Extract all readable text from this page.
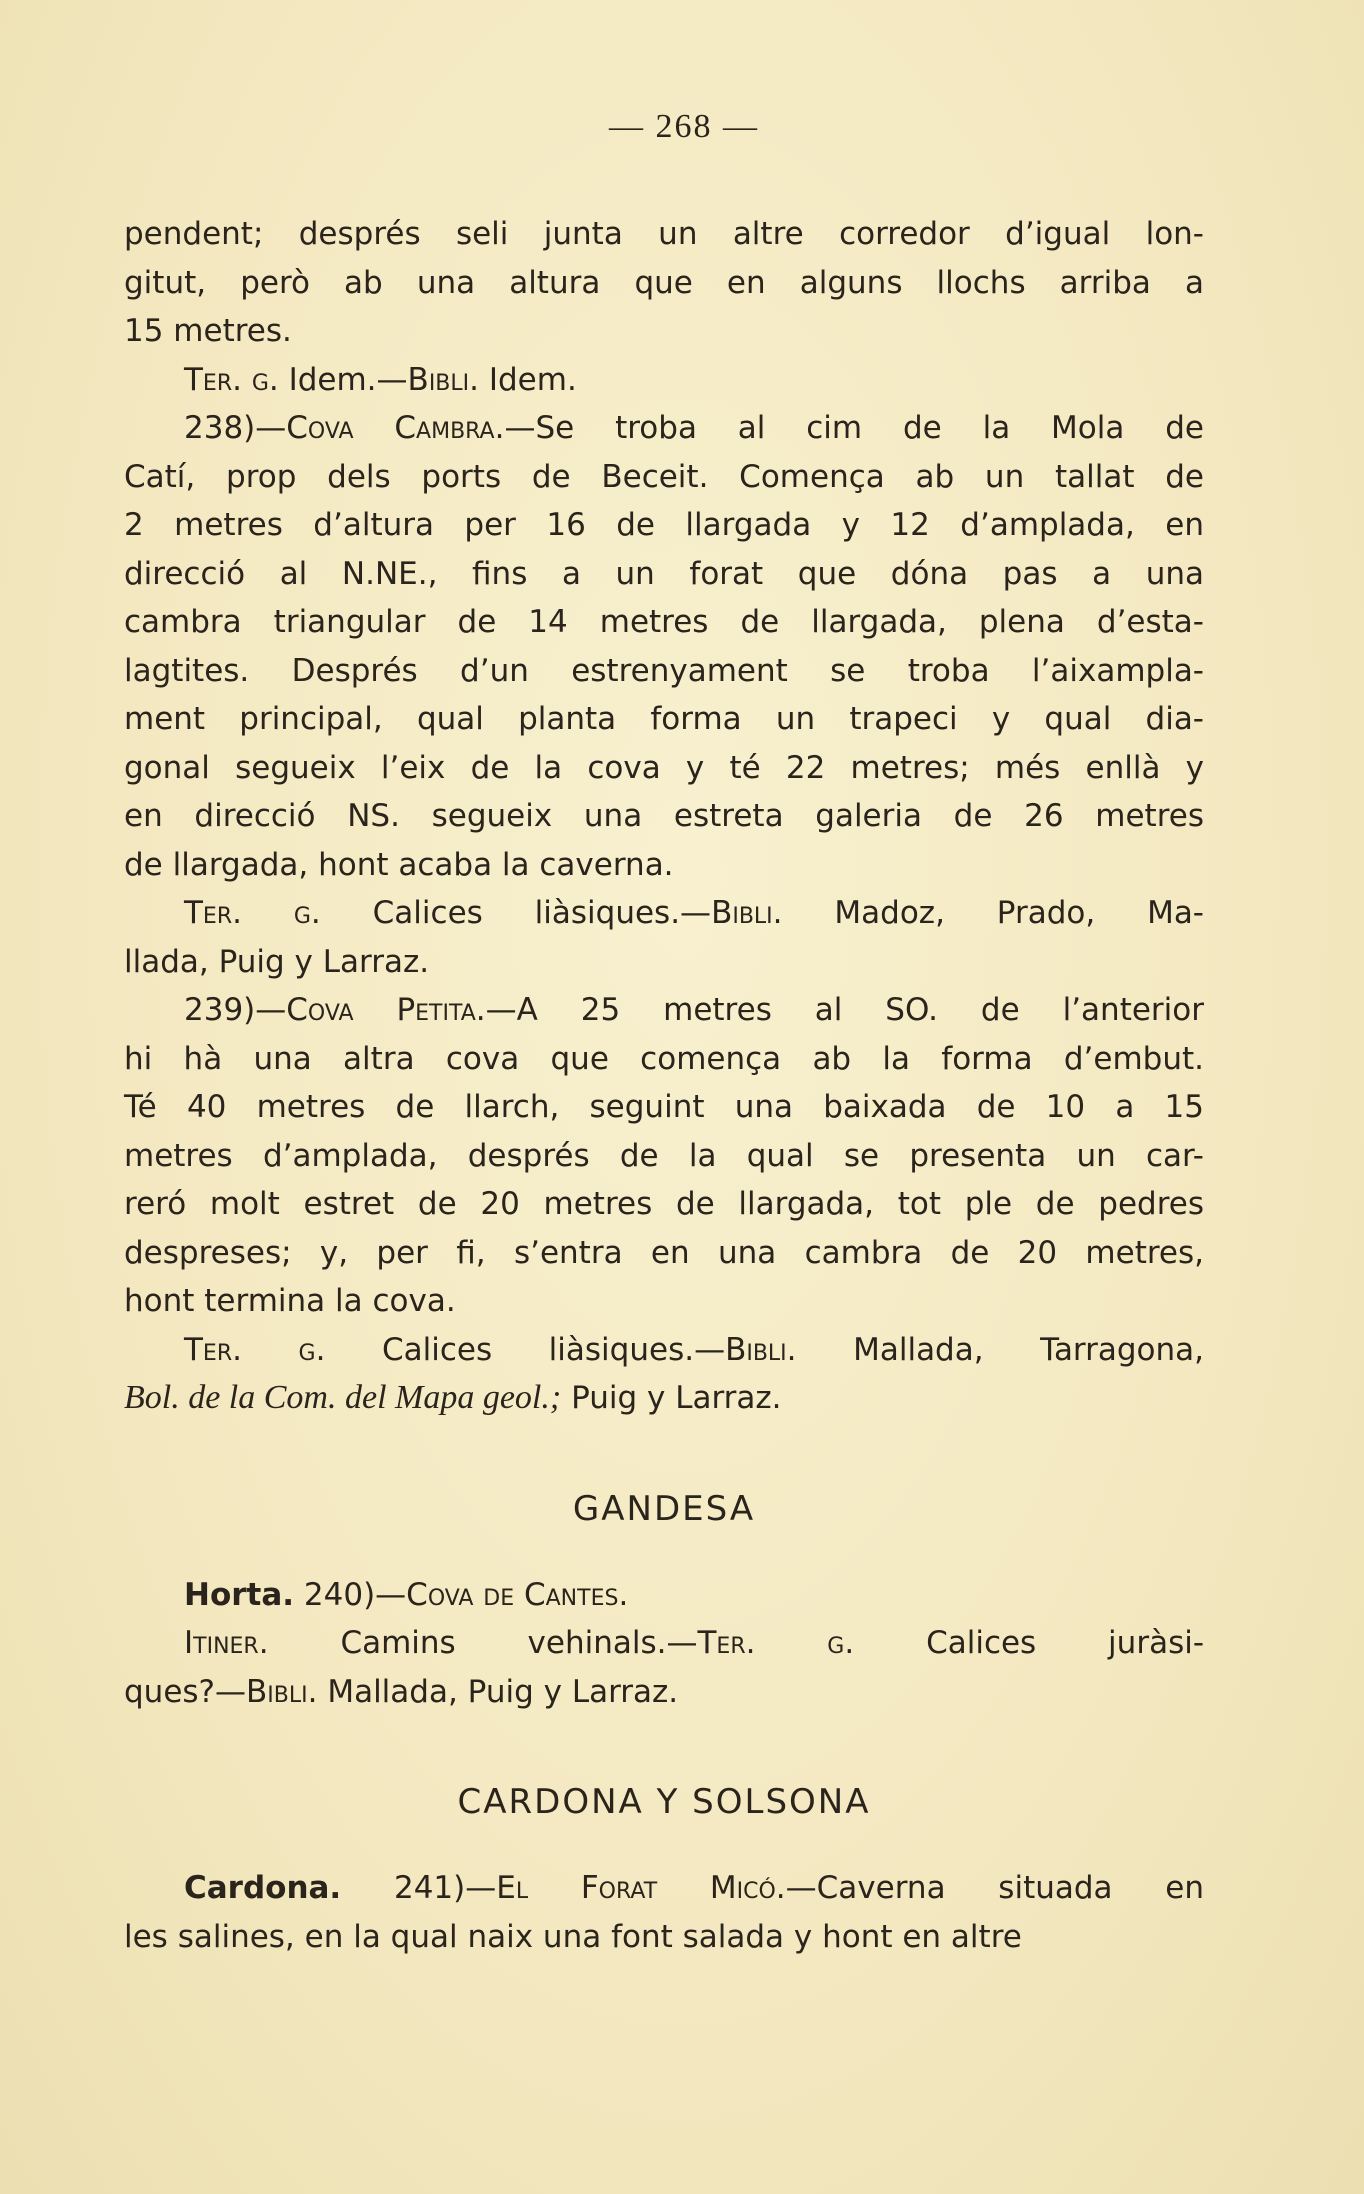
— 268 —

pendent; després seli junta un altre corredor d’igual lon-

gitut, però ab una altura que en alguns llochs arriba a

15 metres.

Ter. g. Idem.—Bibli. Idem.

238)—Cova Cambra.—Se troba al cim de la Mola de

Catí, prop dels ports de Beceit. Comença ab un tallat de

2 metres d’altura per 16 de llargada y 12 d’amplada, en

direcció al N.NE., fins a un forat que dóna pas a una

cambra triangular de 14 metres de llargada, plena d’esta-

lagtites. Després d’un estrenyament se troba l’aixampla-

ment principal, qual planta forma un trapeci y qual dia-

gonal segueix l’eix de la cova y té 22 metres; més enllà y

en direcció NS. segueix una estreta galeria de 26 metres

de llargada, hont acaba la caverna.

Ter. g. Calices liàsiques.—Bibli. Madoz, Prado, Ma-

llada, Puig y Larraz.

239)—Cova Petita.—A 25 metres al SO. de l’anterior

hi hà una altra cova que comença ab la forma d’embut.

Té 40 metres de llarch, seguint una baixada de 10 a 15

metres d’amplada, després de la qual se presenta un car-

reró molt estret de 20 metres de llargada, tot ple de pedres

despreses; y, per fi, s’entra en una cambra de 20 metres,

hont termina la cova.

Ter. g. Calices liàsiques.—Bibli. Mallada, Tarragona,

Bol. de la Com. del Mapa geol.; Puig y Larraz.

GANDESA

Horta. 240)—Cova de Cantes.

Itiner. Camins vehinals.—Ter. g. Calices juràsi-

ques?—Bibli. Mallada, Puig y Larraz.

CARDONA Y SOLSONA

Cardona. 241)—El Forat Micó.—Caverna situada en

les salines, en la qual naix una font salada y hont en altre
